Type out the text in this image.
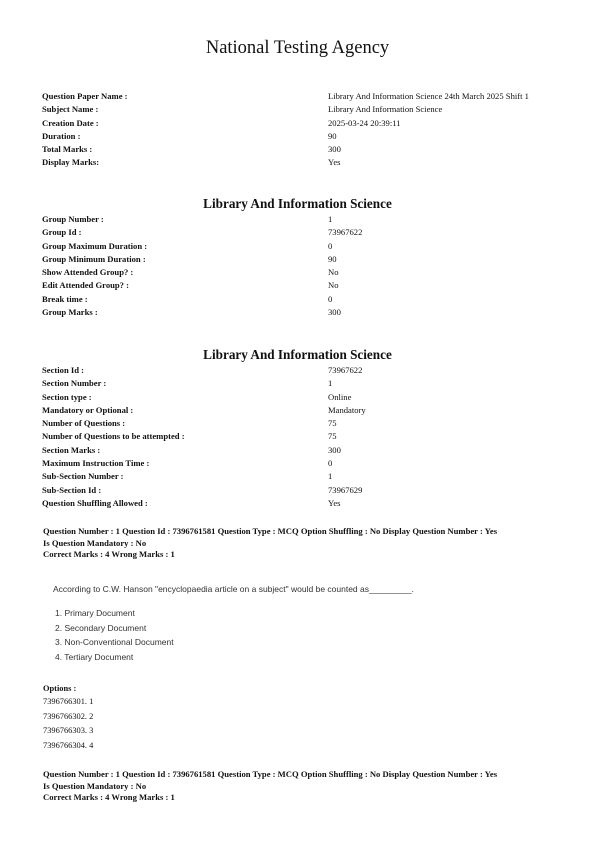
National Testing Agency
Question Paper Name :	Library And Information Science 24th March 2025 Shift 1
Subject Name :	Library And Information Science
Creation Date :	2025-03-24 20:39:11
Duration :	90
Total Marks :	300
Display Marks:	Yes
Library And Information Science
Group Number :	1
Group Id :	73967622
Group Maximum Duration :	0
Group Minimum Duration :	90
Show Attended Group? :	No
Edit Attended Group? :	No
Break time :	0
Group Marks :	300
Library And Information Science
Section Id :	73967622
Section Number :	1
Section type :	Online
Mandatory or Optional :	Mandatory
Number of Questions :	75
Number of Questions to be attempted :	75
Section Marks :	300
Maximum Instruction Time :	0
Sub-Section Number :	1
Sub-Section Id :	73967629
Question Shuffling Allowed :	Yes
Question Number : 1 Question Id : 7396761581 Question Type : MCQ Option Shuffling : No Display Question Number : Yes
Is Question Mandatory : No
Correct Marks : 4 Wrong Marks : 1
According to C.W. Hanson "encyclopaedia article on a subject" would be counted as_________.
1. Primary Document
2. Secondary Document
3. Non-Conventional Document
4. Tertiary Document
Options :
7396766301. 1
7396766302. 2
7396766303. 3
7396766304. 4
Question Number : 1 Question Id : 7396761581 Question Type : MCQ Option Shuffling : No Display Question Number : Yes
Is Question Mandatory : No
Correct Marks : 4 Wrong Marks : 1
